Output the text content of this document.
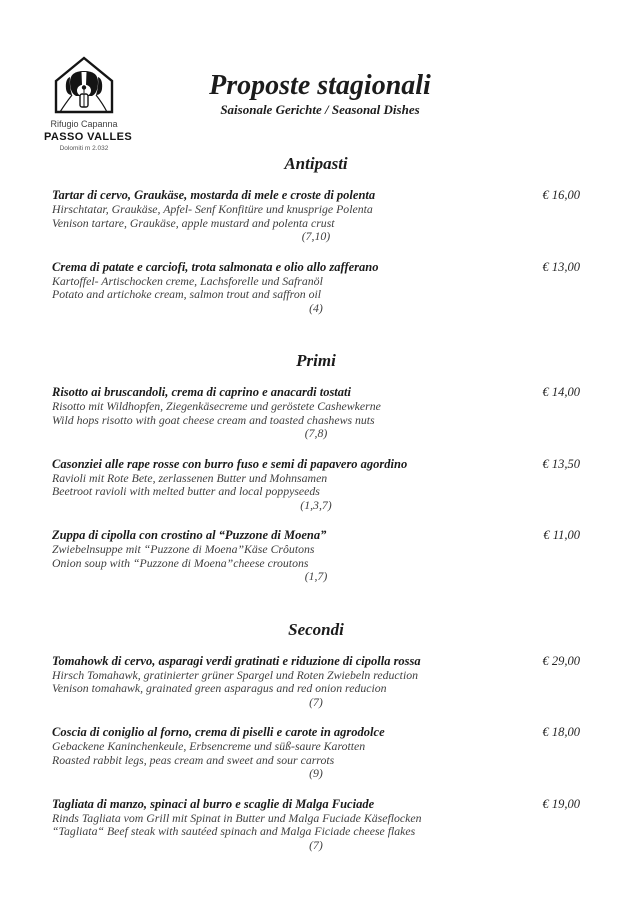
Rifugio Capanna
PASSO VALLES
Dolomiti m 2.032
Proposte stagionali
Saisonale Gerichte / Seasonal Dishes
Antipasti
Tartar di cervo, Graukäse, mostarda di mele e croste di polenta	€ 16,00
Hirschtatar, Graukäse, Apfel- Senf Konfitüre und knusprige Polenta
Venison tartare, Graukäse, apple mustard and polenta crust
(7,10)
Crema di patate e carciofi, trota salmonata e olio allo zafferano	€ 13,00
Kartoffel- Artischocken creme, Lachsforelle und Safranöl
Potato and artichoke cream, salmon trout and saffron oil
(4)
Primi
Risotto ai bruscandoli, crema di caprino e anacardi tostati	€ 14,00
Risotto mit Wildhopfen, Ziegenkäsecreme und geröstete Cashewkerne
Wild hops risotto with goat cheese cream and toasted chashews nuts
(7,8)
Casonziei alle rape rosse con burro fuso e semi di papavero agordino	€ 13,50
Ravioli mit Rote Bete, zerlassenen Butter und Mohnsamen
Beetroot ravioli with melted butter and local poppyseeds
(1,3,7)
Zuppa di cipolla con crostino al “Puzzone di Moena”	€ 11,00
Zwiebelnsuppe mit “Puzzone di Moena”Käse Crôutons
Onion soup with “Puzzone di Moena”cheese croutons
(1,7)
Secondi
Tomahowk di cervo, asparagi verdi gratinati e riduzione di cipolla rossa	€ 29,00
Hirsch Tomahawk, gratinierter grüner Spargel und Roten Zwiebeln reduction
Venison tomahawk, grainated green asparagus and red onion reducion
(7)
Coscia di coniglio al forno, crema di piselli e carote in agrodolce	€ 18,00
Gebackene Kaninchenkeule, Erbsencreme und süß-saure Karotten
Roasted rabbit legs, peas cream and sweet and sour carrots
(9)
Tagliata di manzo, spinaci al burro e scaglie di Malga Fuciade	€ 19,00
Rinds Tagliata vom Grill mit Spinat in Butter und Malga Fuciade Käseflocken
“Tagliata“ Beef steak with sautéed spinach and Malga Ficiade cheese flakes
(7)
